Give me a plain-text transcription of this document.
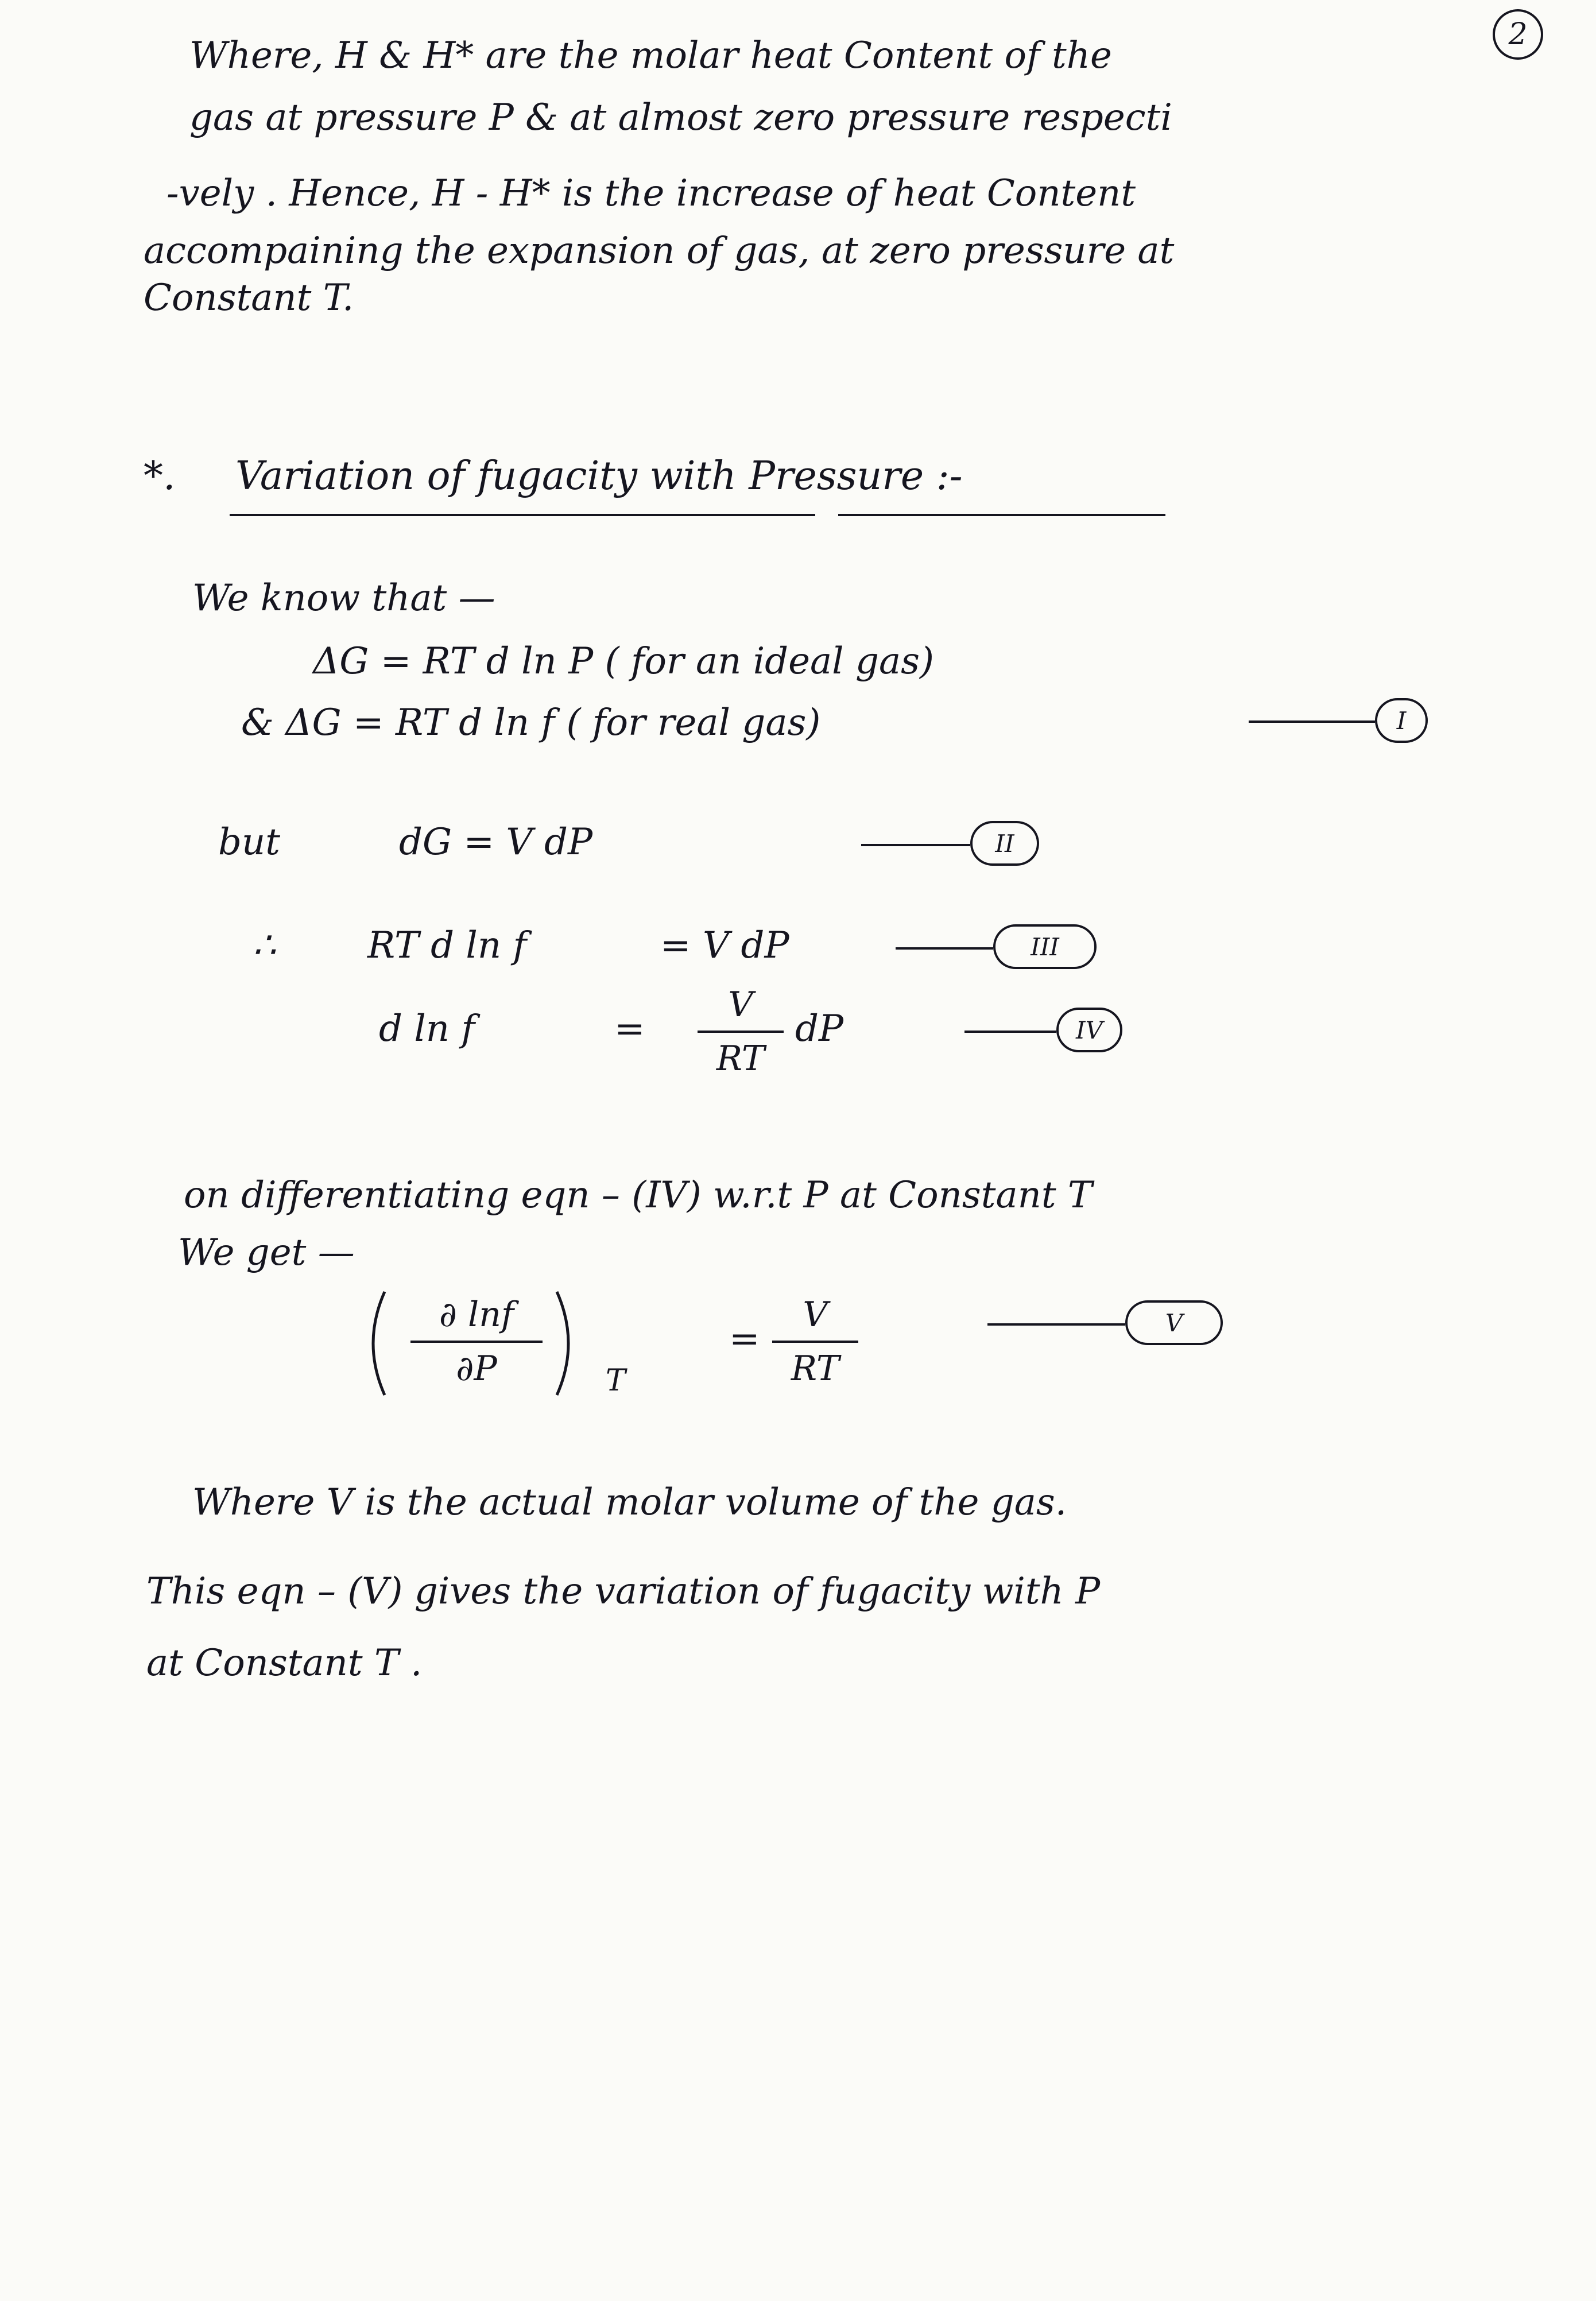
2
Where, H & H* are the molar heat Content of the
gas at pressure P & at almost zero pressure respecti
-vely . Hence, H - H* is the increase of heat Content
accompaining the expansion of gas, at zero pressure at
Constant T.
*. Variation of fugacity with Pressure :-
We know that —
ΔG = RT d ln P ( for an ideal gas)
& ΔG = RT d ln f ( for real gas)	I
but	dG = V dP	II
∴ RT d ln f	= V dP	III
d ln f	=
V
RT
dP	IV
on differentiating eqn – (IV) w.r.t P at Constant T
We get —
∂ lnf
∂P	T
=
V
RT
V
Where V is the actual molar volume of the gas.
This eqn – (V) gives the variation of fugacity with P
at Constant T .
